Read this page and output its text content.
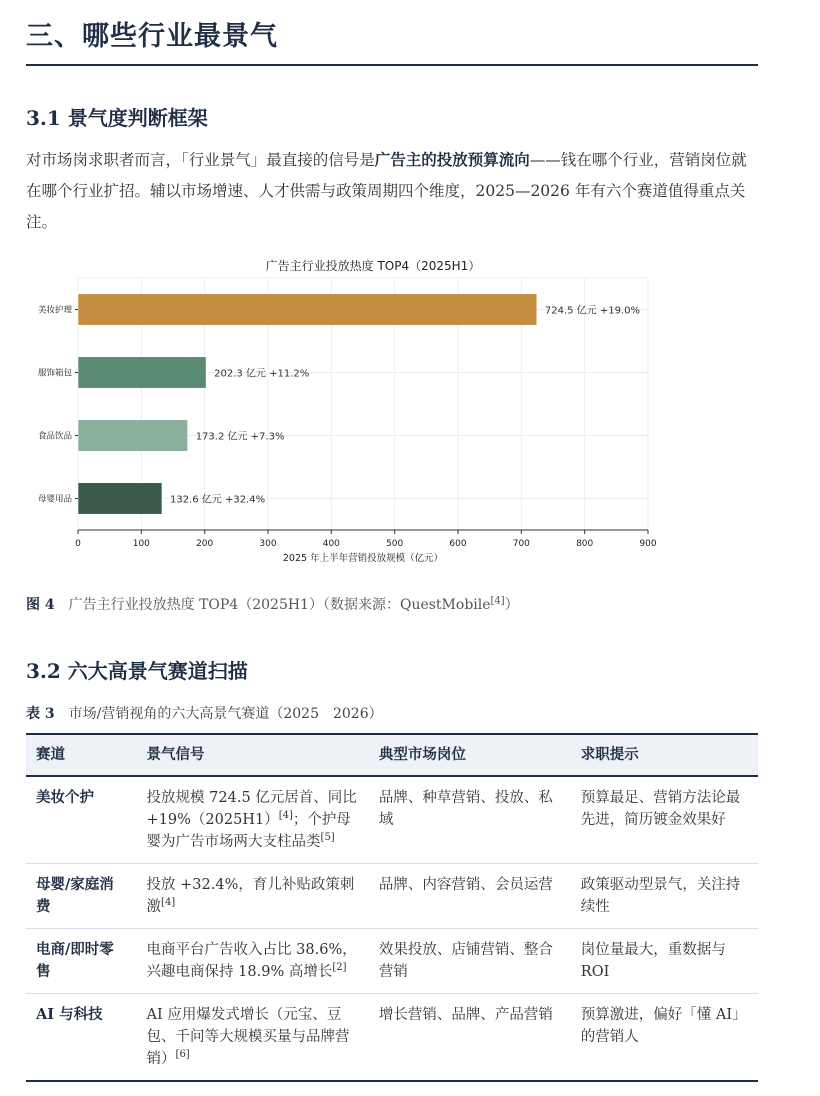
三、哪些行业最景气
3.1 景气度判断框架

对市场岗求职者而言，「行业景气」最直接的信号是广告主的投放预算流向——钱在哪个行业，营销岗位就在哪个行业扩招。辅以市场增速、人才供需与政策周期四个维度，2025—2026 年有六个赛道值得重点关注。

广告主行业投放热度 TOP4（2025H1）
724.5 亿元 +19.0%
美妆护理
202.3 亿元 +11.2%
服饰箱包
173.2 亿元 +7.3%
食品饮品
132.6 亿元 +32.4%
母婴用品
0	100	200	300	400	500	600	700	800	900
2025 年上半年营销投放规模（亿元）
图 4 广告主行业投放热度 TOP4（2025H1）（数据来源：QuestMobile[4]）
3.2 六大高景气赛道扫描
表 3 市场/营销视角的六大高景气赛道（2025　2026）
赛道	景气信号	典型市场岗位	求职提示
美妆个护	投放规模 724.5 亿元居首、同比 +19%（2025H1）[4]；个护母婴为广告市场两大支柱品类[5]	品牌、种草营销、投放、私域	预算最足、营销方法论最先进，简历镀金效果好
母婴/家庭消费	投放 +32.4%，育儿补贴政策刺激[4]	品牌、内容营销、会员运营	政策驱动型景气，关注持续性
电商/即时零售	电商平台广告收入占比 38.6%，兴趣电商保持 18.9% 高增长[2]	效果投放、店铺营销、整合营销	岗位量最大，重数据与 ROI
AI 与科技	AI 应用爆发式增长（元宝、豆包、千问等大规模买量与品牌营销）[6]	增长营销、品牌、产品营销	预算激进，偏好「懂 AI」的营销人
